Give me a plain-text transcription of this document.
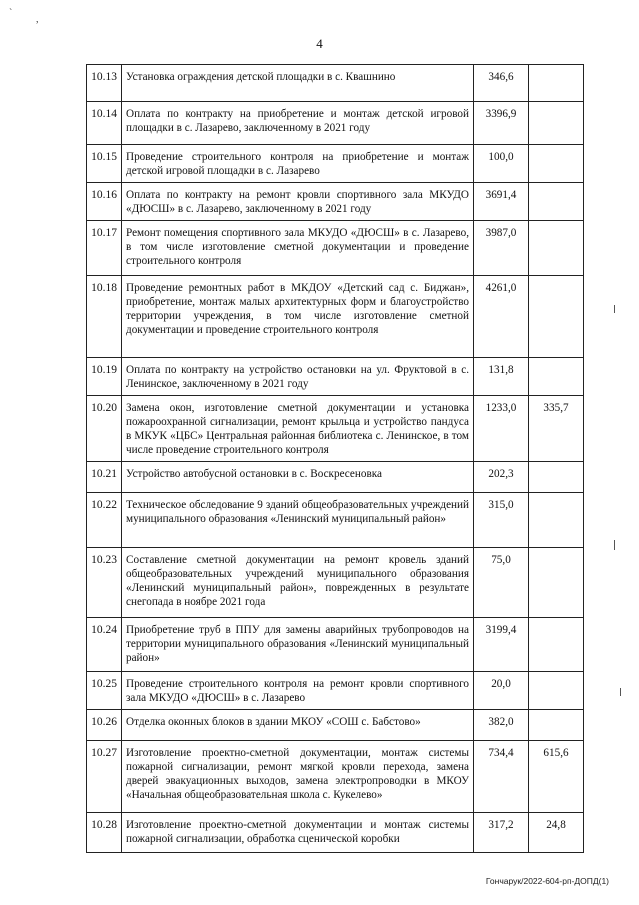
`
,
4
10.13	Установка ограждения детской площадки в с. Квашнино	346,6	
10.14	Оплата по контракту на приобретение и монтаж детской игровой площадки в с. Лазарево, заключенному в 2021 году	3396,9	
10.15	Проведение строительного контроля на приобретение и монтаж детской игровой площадки в с. Лазарево	100,0	
10.16	Оплата по контракту на ремонт кровли спортивного зала МКУДО «ДЮСШ» в с. Лазарево, заключенному в 2021 году	3691,4	
10.17	Ремонт помещения спортивного зала МКУДО «ДЮСШ» в с. Лазарево, в том числе изготовление сметной документации и проведение строительного контроля	3987,0	
10.18	Проведение ремонтных работ в МКДОУ «Детский сад с. Биджан», приобретение, монтаж малых архитектурных форм и благоустройство территории учреждения, в том числе изготовление сметной документации и проведение строительного контроля	4261,0	
10.19	Оплата по контракту на устройство остановки на ул. Фруктовой в с. Ленинское, заключенному в 2021 году	131,8	
10.20	Замена окон, изготовление сметной документации и установка пожароохранной сигнализации, ремонт крыльца и устройство пандуса в МКУК «ЦБС» Центральная районная библиотека с. Ленинское, в том числе проведение строительного контроля	1233,0	335,7
10.21	Устройство автобусной остановки в с. Воскресеновка	202,3	
10.22	Техническое обследование 9 зданий общеобразовательных учреждений муниципального образования «Ленинский муниципальный район»	315,0	
10.23	Составление сметной документации на ремонт кровель зданий общеобразовательных учреждений муниципального образования «Ленинский муниципальный район», поврежденных в результате снегопада в ноябре 2021 года	75,0	
10.24	Приобретение труб в ППУ для замены аварийных трубопроводов на территории муниципального образования «Ленинский муниципальный район»	3199,4	
10.25	Проведение строительного контроля на ремонт кровли спортивного зала МКУДО «ДЮСШ» в с. Лазарево	20,0	
10.26	Отделка оконных блоков в здании МКОУ «СОШ с. Бабстово»	382,0	
10.27	Изготовление проектно-сметной документации, монтаж системы пожарной сигнализации, ремонт мягкой кровли перехода, замена дверей эвакуационных выходов, замена электропроводки в МКОУ «Начальная общеобразовательная школа с. Кукелево»	734,4	615,6
10.28	Изготовление проектно-сметной документации и монтаж системы пожарной сигнализации, обработка сценической коробки	317,2	24,8
Гончарук/2022-604-рп-ДОПД(1)
